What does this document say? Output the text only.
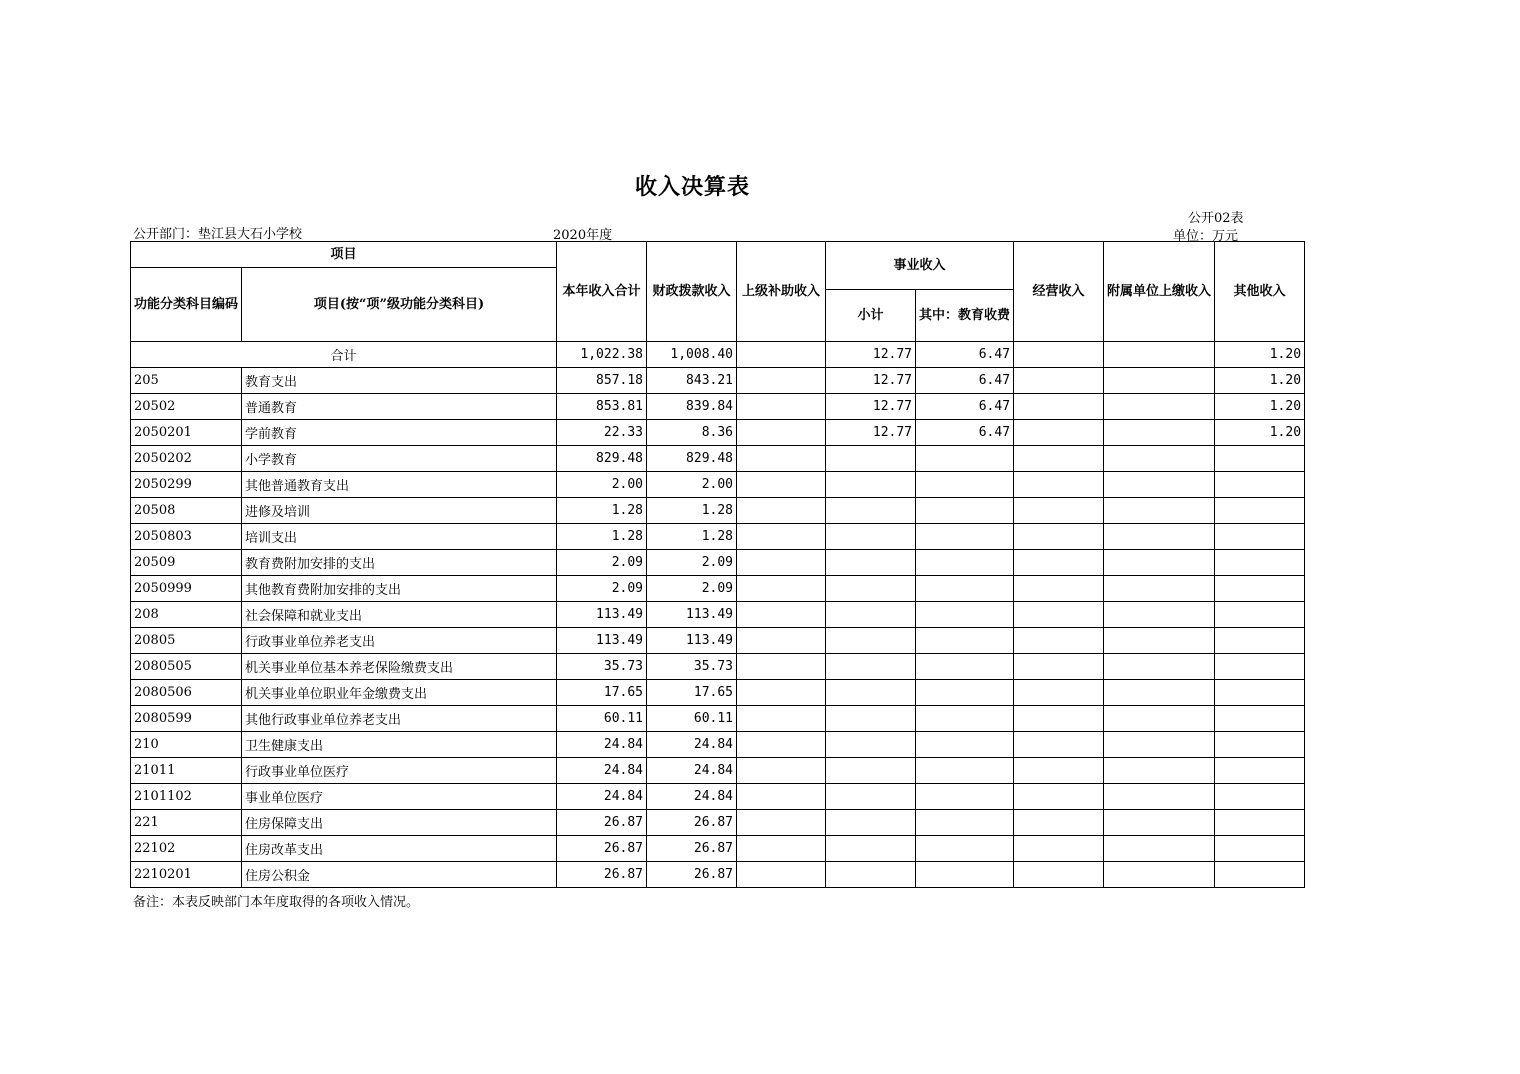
收入决算表
公开部门：垫江县大石小学校	2020年度
公开02表
单位：万元
项目		本年收入合计	财政拨款收入	上级补助收入	事业收入		经营收入	附属单位上缴收入	其他收入
功能分类科目编码	项目(按“项”级功能分类科目)								
					小计	其中：教育收费			
合计		1,022.38	1,008.40		12.77	6.47			1.20
205	教育支出	857.18	843.21		12.77	6.47			1.20
20502	普通教育	853.81	839.84		12.77	6.47			1.20
2050201	学前教育	22.33	8.36		12.77	6.47			1.20
2050202	小学教育	829.48	829.48						
2050299	其他普通教育支出	2.00	2.00						
20508	进修及培训	1.28	1.28						
2050803	培训支出	1.28	1.28						
20509	教育费附加安排的支出	2.09	2.09						
2050999	其他教育费附加安排的支出	2.09	2.09						
208	社会保障和就业支出	113.49	113.49						
20805	行政事业单位养老支出	113.49	113.49						
2080505	机关事业单位基本养老保险缴费支出	35.73	35.73						
2080506	机关事业单位职业年金缴费支出	17.65	17.65						
2080599	其他行政事业单位养老支出	60.11	60.11						
210	卫生健康支出	24.84	24.84						
21011	行政事业单位医疗	24.84	24.84						
2101102	事业单位医疗	24.84	24.84						
221	住房保障支出	26.87	26.87						
22102	住房改革支出	26.87	26.87						
2210201	住房公积金	26.87	26.87						
备注：本表反映部门本年度取得的各项收入情况。
